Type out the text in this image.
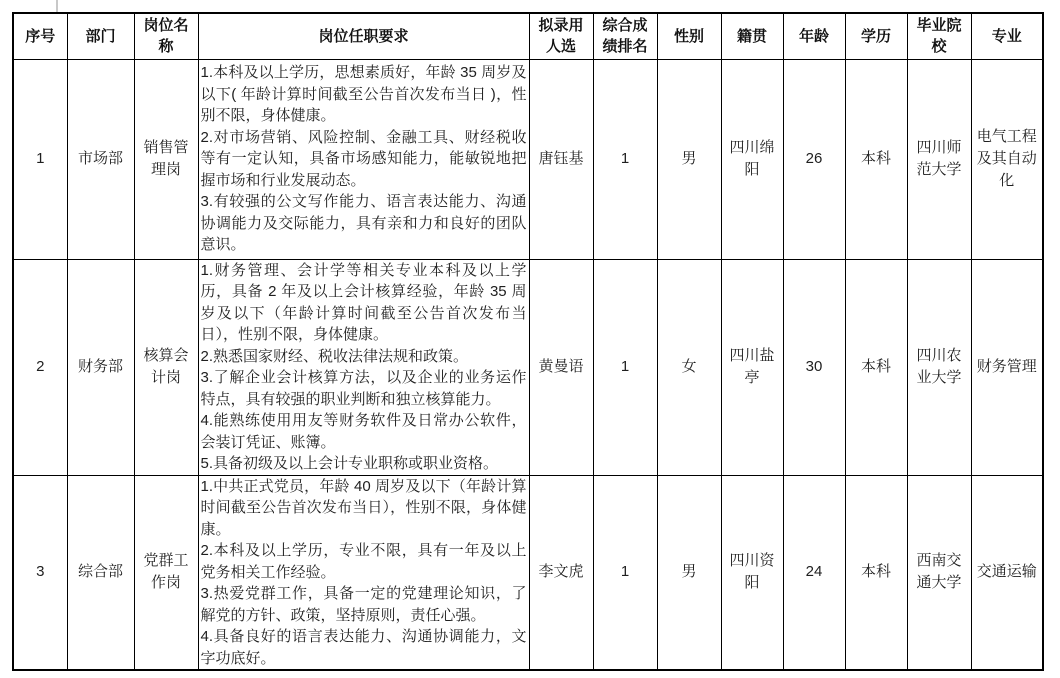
序号	部门	岗位名称	岗位任职要求	拟录用人选	综合成绩排名	性别	籍贯	年龄	学历	毕业院校	专业
1	市场部	销售管理岗	1.本科及以上学历，思想素质好，年龄 35 周岁及以下( 年龄计算时间截至公告首次发布当日 )，性别不限，身体健康。
2.对市场营销、风险控制、金融工具、财经税收等有一定认知，具备市场感知能力，能敏锐地把握市场和行业发展动态。
3.有较强的公文写作能力、语言表达能力、沟通协调能力及交际能力，具有亲和力和良好的团队意识。	唐钰基	1	男	四川绵阳	26	本科	四川师范大学	电气工程及其自动化
2	财务部	核算会计岗	1.财务管理、会计学等相关专业本科及以上学历，具备 2 年及以上会计核算经验，年龄 35 周岁及以下（年龄计算时间截至公告首次发布当日），性别不限，身体健康。
2.熟悉国家财经、税收法律法规和政策。
3.了解企业会计核算方法，以及企业的业务运作特点，具有较强的职业判断和独立核算能力。
4.能熟练使用用友等财务软件及日常办公软件，会装订凭证、账簿。
5.具备初级及以上会计专业职称或职业资格。	黄曼语	1	女	四川盐亭	30	本科	四川农业大学	财务管理
3	综合部	党群工作岗	1.中共正式党员，年龄 40 周岁及以下（年龄计算时间截至公告首次发布当日），性别不限，身体健康。
2.本科及以上学历，专业不限，具有一年及以上党务相关工作经验。
3.热爱党群工作，具备一定的党建理论知识，了解党的方针、政策，坚持原则，责任心强。
4.具备良好的语言表达能力、沟通协调能力，文字功底好。	李文虎	1	男	四川资阳	24	本科	西南交通大学	交通运输
